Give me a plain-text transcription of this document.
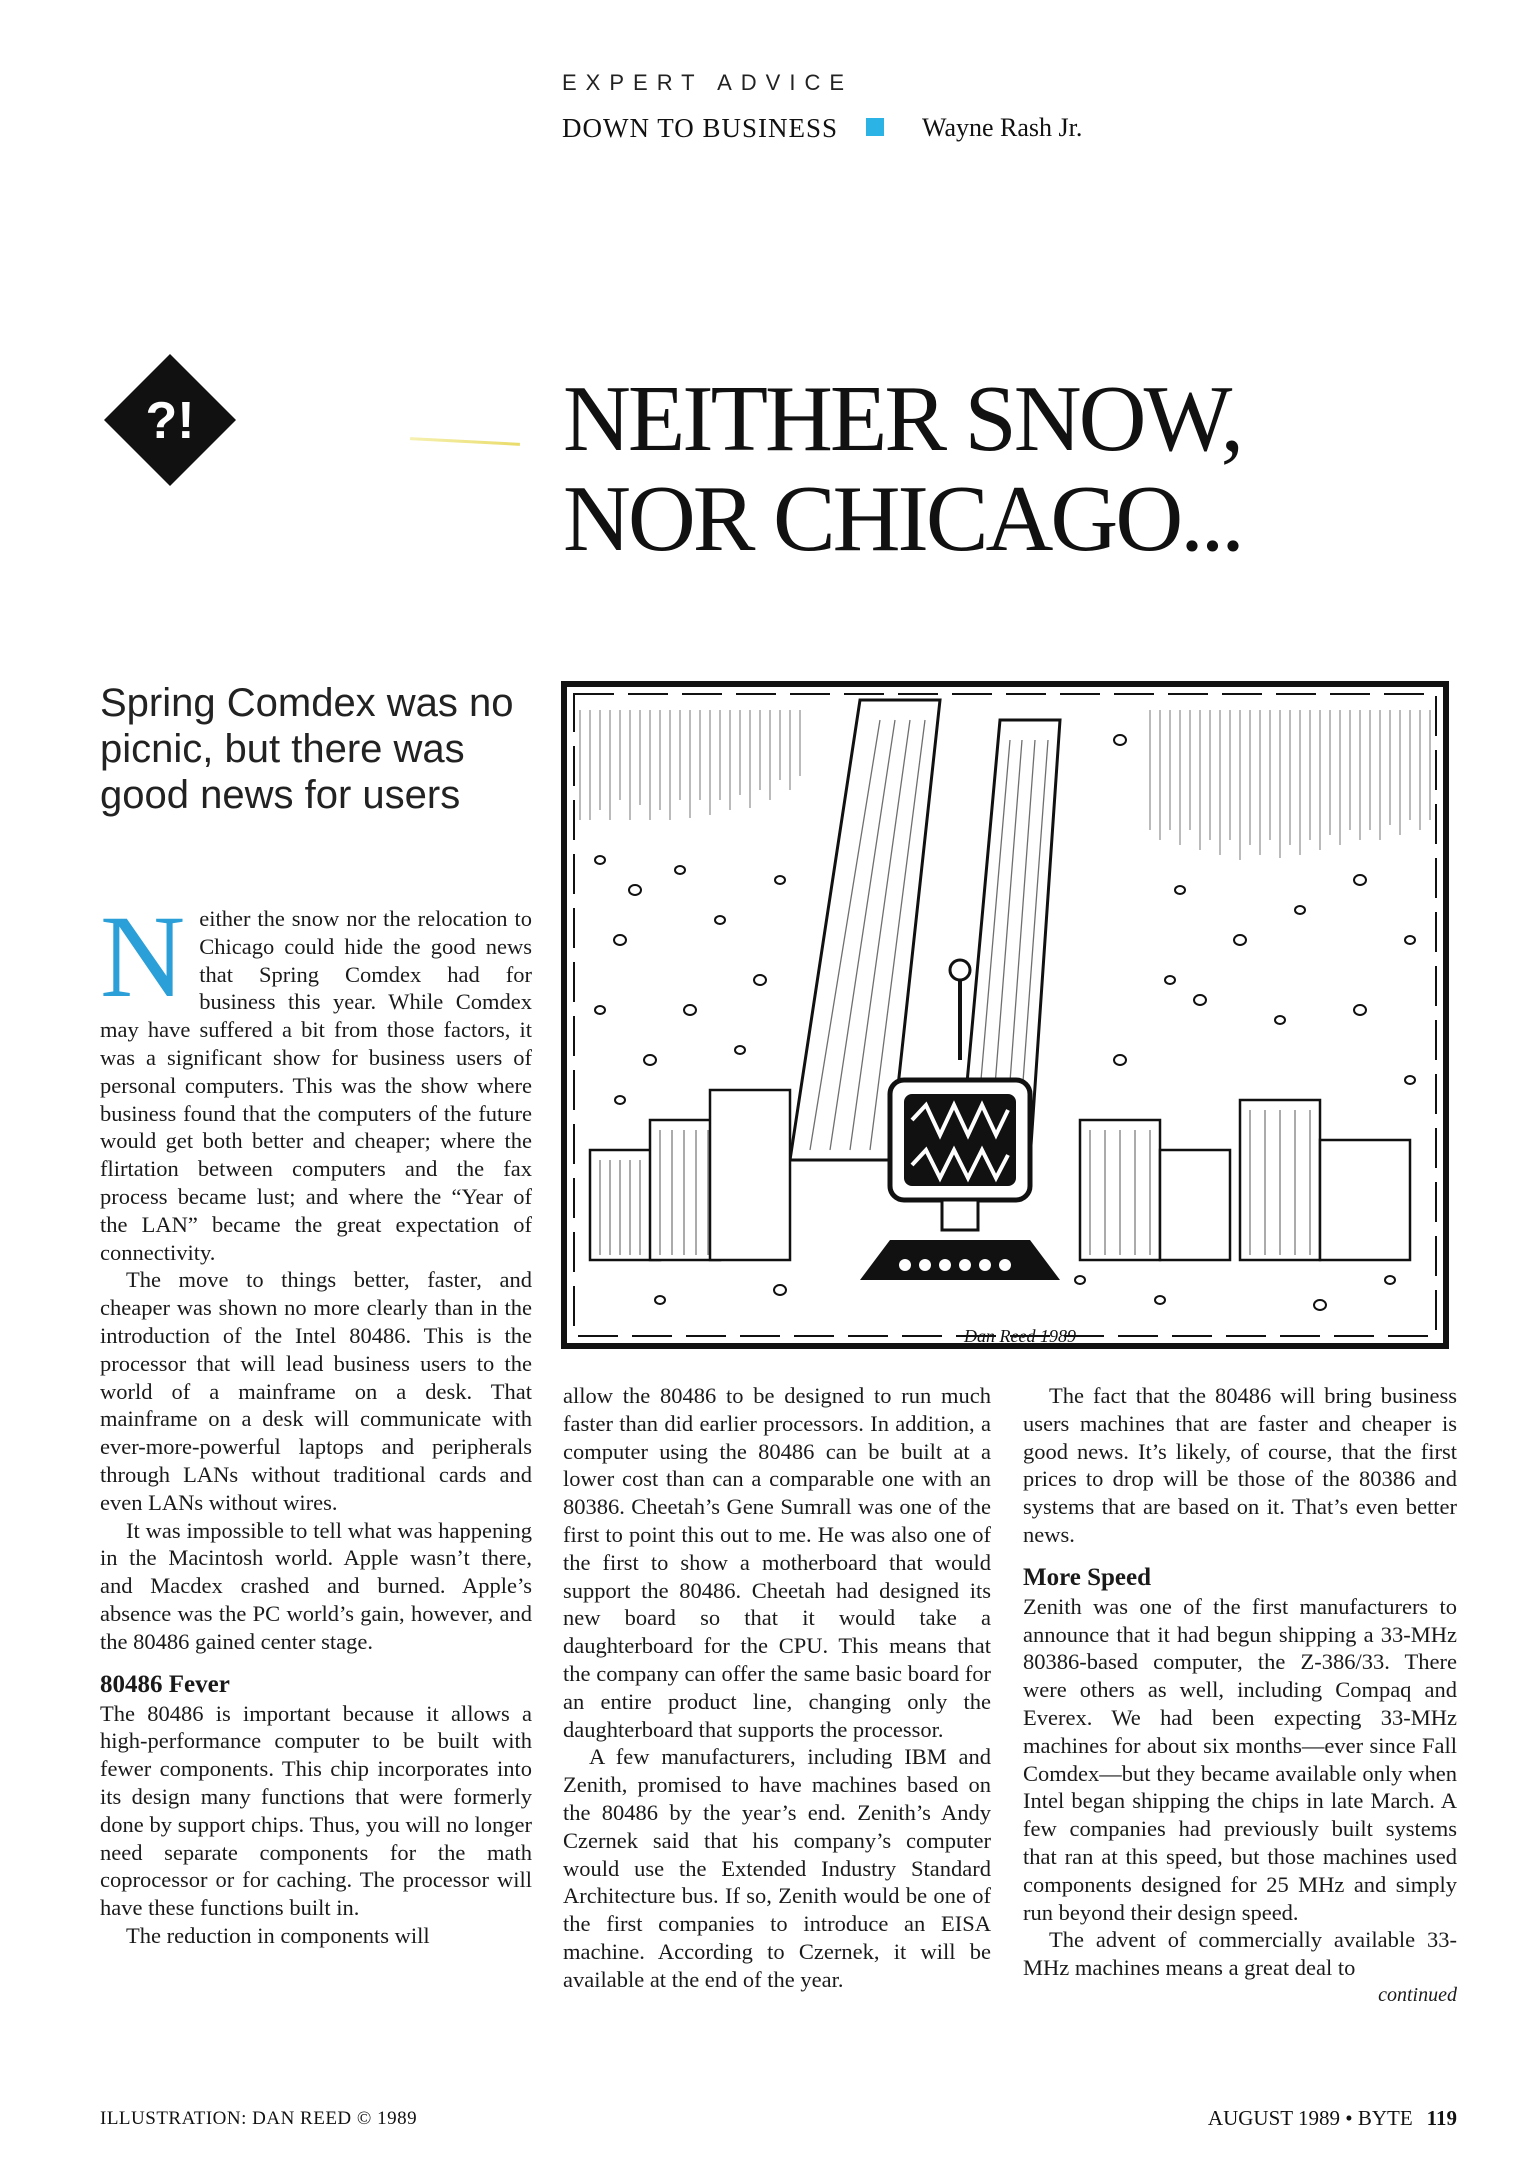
EXPERT ADVICE
DOWN TO BUSINESS	Wayne Rash Jr.
?!	NEITHER SNOW,
NOR CHICAGO...
Spring Comdex was no picnic, but there was good news for users
Dan Reed 1989
N either the snow nor the relocation to Chicago could hide the good news that Spring Comdex had for business this year. While Comdex may have suffered a bit from those factors, it was a significant show for business users of personal computers. This was the show where business found that the computers of the future would get both better and cheaper; where the flirtation between computers and the fax process became lust; and where the “Year of the LAN” became the great expectation of connectivity.

The move to things better, faster, and cheaper was shown no more clearly than in the introduction of the Intel 80486. This is the processor that will lead business users to the world of a mainframe on a desk. That mainframe on a desk will communicate with ever-more-powerful laptops and peripherals through LANs without traditional cards and even LANs without wires.

It was impossible to tell what was happening in the Macintosh world. Apple wasn’t there, and Macdex crashed and burned. Apple’s absence was the PC world’s gain, however, and the 80486 gained center stage.

80486 Fever

The 80486 is important because it allows a high-performance computer to be built with fewer components. This chip incorporates into its design many functions that were formerly done by support chips. Thus, you will no longer need separate components for the math coprocessor or for caching. The processor will have these functions built in.

The reduction in components will

allow the 80486 to be designed to run much faster than did earlier processors. In addition, a computer using the 80486 can be built at a lower cost than can a comparable one with an 80386. Cheetah’s Gene Sumrall was one of the first to point this out to me. He was also one of the first to show a motherboard that would support the 80486. Cheetah had designed its new board so that it would take a daughterboard for the CPU. This means that the company can offer the same basic board for an entire product line, changing only the daughterboard that supports the processor.

A few manufacturers, including IBM and Zenith, promised to have machines based on the 80486 by the year’s end. Zenith’s Andy Czernek said that his company’s computer would use the Extended Industry Standard Architecture bus. If so, Zenith would be one of the first companies to introduce an EISA machine. According to Czernek, it will be available at the end of the year.

The fact that the 80486 will bring business users machines that are faster and cheaper is good news. It’s likely, of course, that the first prices to drop will be those of the 80386 and systems that are based on it. That’s even better news.

More Speed

Zenith was one of the first manufacturers to announce that it had begun shipping a 33-MHz 80386-based computer, the Z-386/33. There were others as well, including Compaq and Everex. We had been expecting 33-MHz machines for about six months—ever since Fall Comdex—but they became available only when Intel began shipping the chips in late March. A few companies had previously built systems that ran at this speed, but those machines used components designed for 25 MHz and simply run beyond their design speed.

The advent of commercially available 33-MHz machines means a great deal to

continued
ILLUSTRATION: DAN REED © 1989	AUGUST 1989 • BYTE 119
